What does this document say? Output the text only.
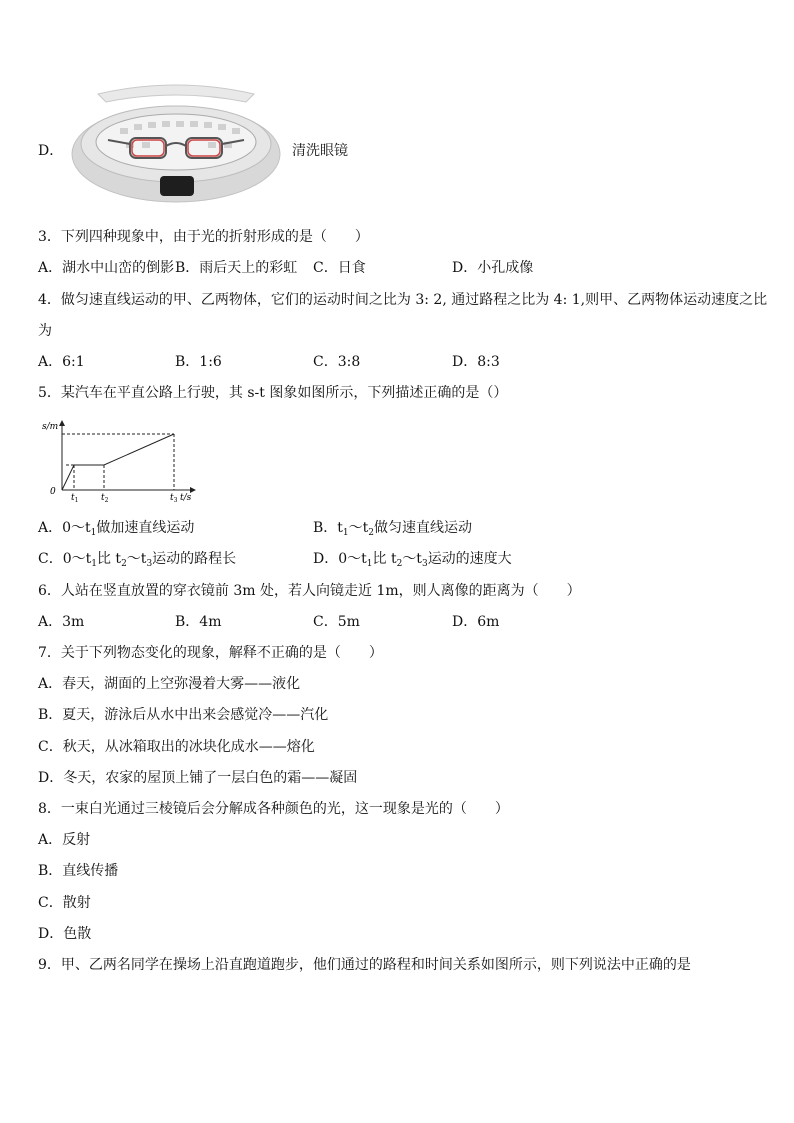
D．	清洗眼镜
3．下列四种现象中，由于光的折射形成的是（　　）
A．湖水中山峦的倒影 B．雨后天上的彩虹 C．日食	D．小孔成像
4．做匀速直线运动的甲、乙两物体，它们的运动时间之比为 3: 2, 通过路程之比为 4: 1,则甲、乙两物体运动速度之比
为
A．6:1	B．1:6	C．3:8	D．8:3
5．某汽车在平直公路上行驶，其 s-t 图象如图所示，下列描述正确的是（）
s/m
0
$t_1$	$t_2$	$t_3$ t/s
A．$0\sim t_1$做加速直线运动	B．$t_1\sim t_2$做匀速直线运动
C．$0\sim t_1$比 $t_2\sim t_3$运动的路程长	D．$0\sim t_1$比 $t_2\sim t_3$运动的速度大
6．人站在竖直放置的穿衣镜前 3m 处，若人向镜走近 1m，则人离像的距离为（　　）
A．3m	B．4m	C．5m	D．6m
7．关于下列物态变化的现象，解释不正确的是（　　）
A．春天，湖面的上空弥漫着大雾——液化
B．夏天，游泳后从水中出来会感觉冷——汽化
C．秋天，从冰箱取出的冰块化成水——熔化
D．冬天，农家的屋顶上铺了一层白色的霜——凝固
8．一束白光通过三棱镜后会分解成各种颜色的光，这一现象是光的（　　）
A．反射
B．直线传播
C．散射
D．色散
9．甲、乙两名同学在操场上沿直跑道跑步，他们通过的路程和时间关系如图所示，则下列说法中正确的是
